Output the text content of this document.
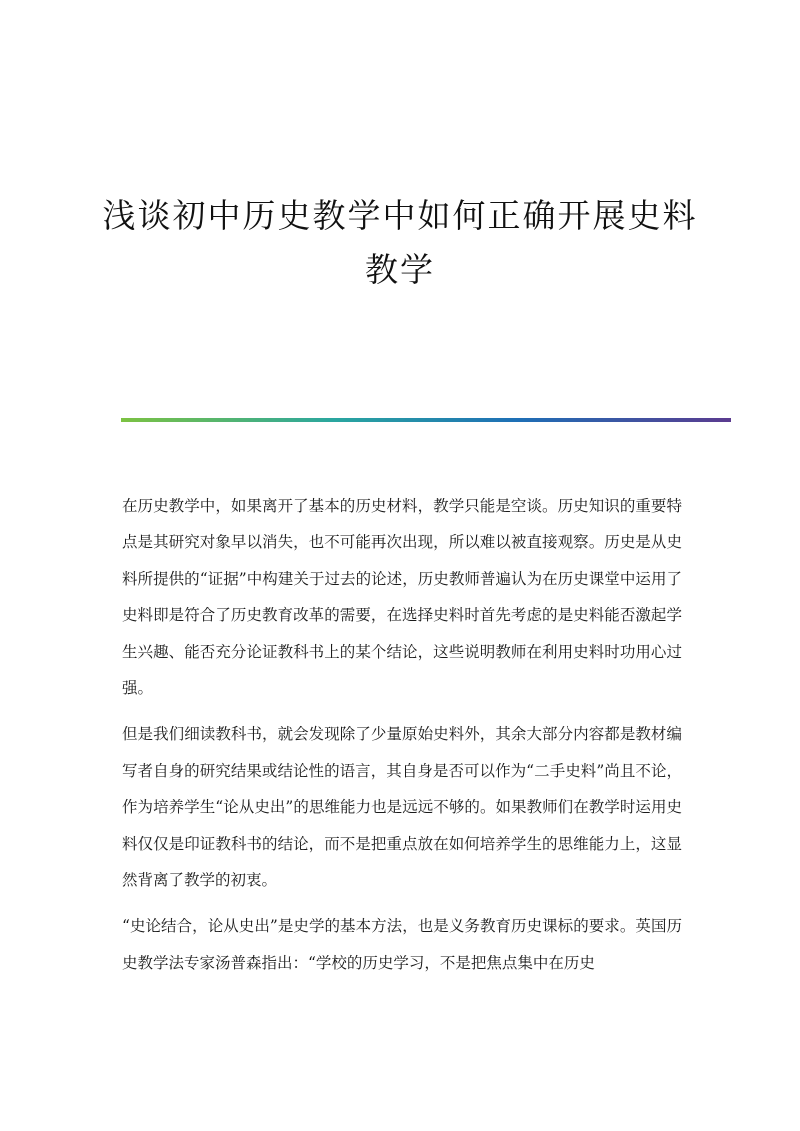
浅谈初中历史教学中如何正确开展史料
教学

在历史教学中，如果离开了基本的历史材料，教学只能是空谈。历史知识的重要特点是其研究对象早以消失，也不可能再次出现，所以难以被直接观察。历史是从史料所提供的“证据”中构建关于过去的论述，历史教师普遍认为在历史课堂中运用了史料即是符合了历史教育改革的需要，在选择史料时首先考虑的是史料能否激起学生兴趣、能否充分论证教科书上的某个结论，这些说明教师在利用史料时功用心过强。

但是我们细读教科书，就会发现除了少量原始史料外，其余大部分内容都是教材编写者自身的研究结果或结论性的语言，其自身是否可以作为“二手史料”尚且不论，作为培养学生“论从史出”的思维能力也是远远不够的。如果教师们在教学时运用史料仅仅是印证教科书的结论，而不是把重点放在如何培养学生的思维能力上，这显然背离了教学的初衷。

“史论结合，论从史出”是史学的基本方法，也是义务教育历史课标的要求。英国历史教学法专家汤普森指出：“学校的历史学习，不是把焦点集中在历史
